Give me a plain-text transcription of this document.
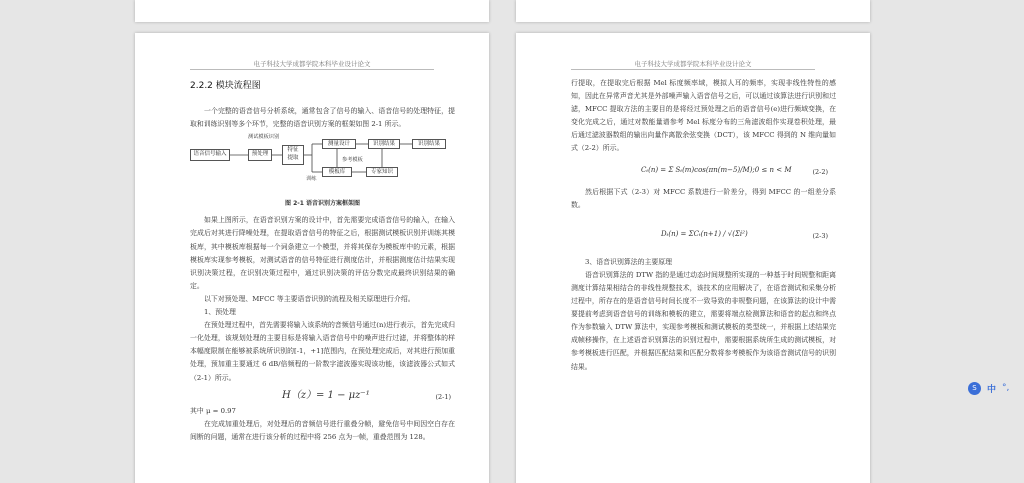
电子科技大学成都学院本科毕业设计论文
2.2.2 模块流程图

一个完整的语音信号分析系统，通常包含了信号的输入、语音信号的处理特征，提取和训练识别等多个环节，完整的语音识别方案的框架如图 2-1 所示。

测试模板识别
语音信号输入	预处理
特征
提取
测量设计	识别结果	识别结果
参考模板
模板库	专家知识
训练
图 2-1 语音识别方案框架图

如果上图所示，在语音识别方案的设计中，首先需要完成语音信号的输入，在输入完成后对其进行降噪处理，在提取语音信号的特征之后，根据测试模板识别并训练其模板库，其中模板库根据每一个词条建立一个模型，并将其保存为模板库中的元素，根据模板库实现参考模板，对测试语音的信号特征进行测度估计，并根据测度估计结果实现识别决策过程，在识别决策过程中，通过识别决策的评估分数完成最终识别结果的确定。

以下对预处理、MFCC 等主要语音识别的流程及相关原理进行介绍。

1、预处理

在预处理过程中，首先需要将输入该系统的音频信号通过(n)进行表示，首先完成归一化处理，该规划处理的主要目标是将输入语音信号中的噪声进行过滤，并将整体的样本幅度限制在能够被系统所识别的[-1，+1]范围内，在预处理完成后，对其进行预加重处理，预加重主要通过 6 dB/倍频程的一阶数字滤波器实现该功能，该滤波器公式如式（2-1）所示。

H（z）= 1 − μz⁻¹	(2-1)

其中 μ = 0.97

在完成加重处理后，对处理后的音频信号进行重叠分帧，避免信号中间因空白存在间断的问题，通常在进行该分析的过程中将 256 点为一帧，重叠范围为 128。

电子科技大学成都学院本科毕业设计论文

行提取，在提取完后根据 Mel 标度频率域，模拟人耳的频率，实现非线性特性的感知，因此在异常声音尤其是外部噪声输入语音信号之后，可以通过该算法进行识别和过滤，MFCC 提取方法的主要目的是将经过预处理之后的语音信号(e)进行频域变换，在变化完成之后，通过对数能量谱参考 Mel 标度分布的三角滤波组作实现卷积处理，最后通过滤波器数组的输出向量作离散余弦变换（DCT），该 MFCC 得到的 N 维向量如式（2-2）所示。

Cₜ(n) = Σ Sₜ(m)cos(πn(m−5)/M);0 ≤ n < M	(2-2)

然后根据下式（2-3）对 MFCC 系数进行一阶差分，得到 MFCC 的一组差分系数。

Dₜ(n) = ΣCₜ(n+1) / √(Σi²)	(2-3)

3、语音识别算法的主要原理

语音识别算法的 DTW 指的是通过动态时间规整所实现的一种基于时间规整和距离测度计算结果相结合的非线性规整技术，该技术的应用解决了，在语音测试和采集分析过程中，所存在的是语音信号时间长度不一致导致的非规整问题，在该算法的设计中需要提前考虑到语音信号的训练和模板的建立，需要将端点检测算法和语音的起点和终点作为参数输入 DTW 算法中，实现参考模板和测试模板的类型统一，并根据上述结果完成帧移操作，在上述语音识别算法的识别过程中，需要根据系统所生成的测试模板，对参考模板进行匹配，并根据匹配结果和匹配分数将参考模板作为该语音测试信号的识别结果。

S	中 °,
